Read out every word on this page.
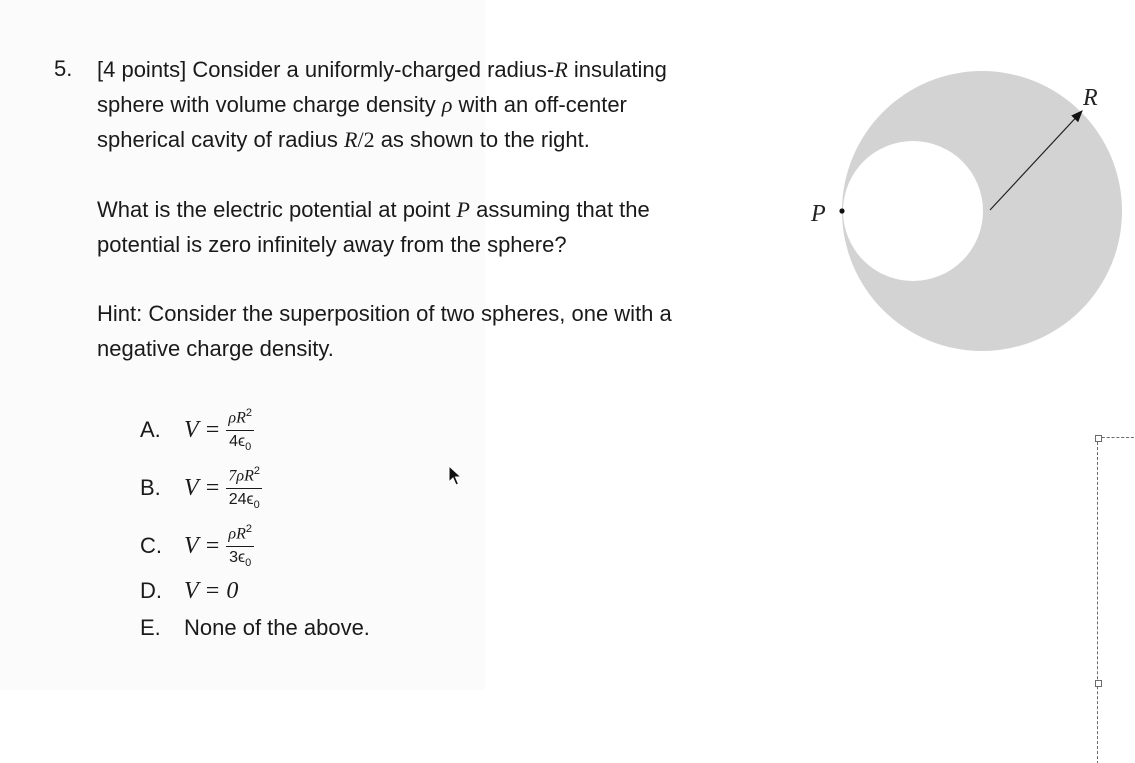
5. [4 points] Consider a uniformly-charged radius-R insulating
sphere with volume charge density ρ with an off-center
spherical cavity of radius R/2 as shown to the right.
What is the electric potential at point P assuming that the
potential is zero infinitely away from the sphere?
Hint: Consider the superposition of two spheres, one with a
negative charge density.
A. $V = \frac{\rho R^2}{4\epsilon_0}$
B. $V = \frac{7\rho R^2}{24\epsilon_0}$
C. $V = \frac{\rho R^2}{3\epsilon_0}$
D. V = 0
E.	None of the above.
R
P
